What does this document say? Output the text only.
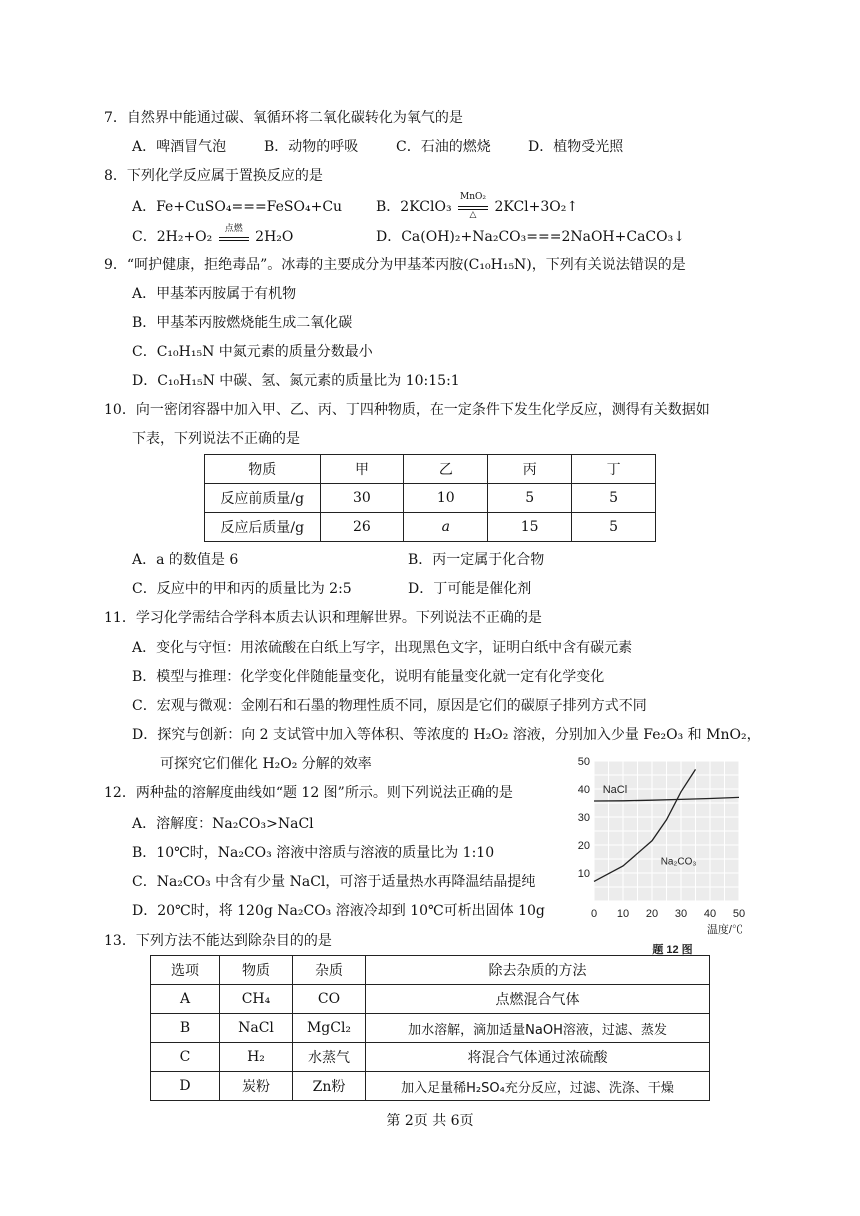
7．自然界中能通过碳、氧循环将二氧化碳转化为氧气的是
A．啤酒冒气泡	B．动物的呼吸	C．石油的燃烧	D．植物受光照
8．下列化学反应属于置换反应的是
A．Fe+CuSO₄===FeSO₄+Cu B．2KClO₃
MnO₂
△	2KCl+3O₂↑
C．2H₂+O₂	点燃 2H₂O	D．Ca(OH)₂+Na₂CO₃===2NaOH+CaCO₃↓
9．“呵护健康，拒绝毒品”。冰毒的主要成分为甲基苯丙胺(C₁₀H₁₅N)，下列有关说法错误的是
A．甲基苯丙胺属于有机物
B．甲基苯丙胺燃烧能生成二氧化碳
C．C₁₀H₁₅N 中氮元素的质量分数最小
D．C₁₀H₁₅N 中碳、氢、氮元素的质量比为 10:15:1
10．向一密闭容器中加入甲、乙、丙、丁四种物质，在一定条件下发生化学反应，测得有关数据如
下表，下列说法不正确的是
物质	甲	乙	丙	丁
反应前质量/g	30	10	5	5
反应后质量/g	26	a	15	5
A．a 的数值是 6	B．丙一定属于化合物
C．反应中的甲和丙的质量比为 2:5	D．丁可能是催化剂
11．学习化学需结合学科本质去认识和理解世界。下列说法不正确的是
A．变化与守恒：用浓硫酸在白纸上写字，出现黑色文字，证明白纸中含有碳元素
B．模型与推理：化学变化伴随能量变化，说明有能量变化就一定有化学变化
C．宏观与微观：金刚石和石墨的物理性质不同，原因是它们的碳原子排列方式不同
D．探究与创新：向 2 支试管中加入等体积、等浓度的 H₂O₂ 溶液，分别加入少量 Fe₂O₃ 和 MnO₂，
可探究它们催化 H₂O₂ 分解的效率
12．两种盐的溶解度曲线如“题 12 图”所示。则下列说法正确的是
A．溶解度：Na₂CO₃>NaCl
B．10℃时，Na₂CO₃ 溶液中溶质与溶液的质量比为 1:10
C．Na₂CO₃ 中含有少量 NaCl，可溶于适量热水再降温结晶提纯
D．20℃时，将 120g Na₂CO₃ 溶液冷却到 10℃可析出固体 10g	0 10 20 30 40 50
10
20
30
40
50
温度/℃
题 12 图
NaCl
Na₂CO₃
13．下列方法不能达到除杂目的的是
选项	物质	杂质	除去杂质的方法
A	CH₄	CO	点燃混合气体
B	NaCl	MgCl₂	加水溶解，滴加适量NaOH溶液，过滤、蒸发
C	H₂	水蒸气	将混合气体通过浓硫酸
D	炭粉	Zn粉	加入足量稀H₂SO₄充分反应，过滤、洗涤、干燥
第 2页 共 6页
